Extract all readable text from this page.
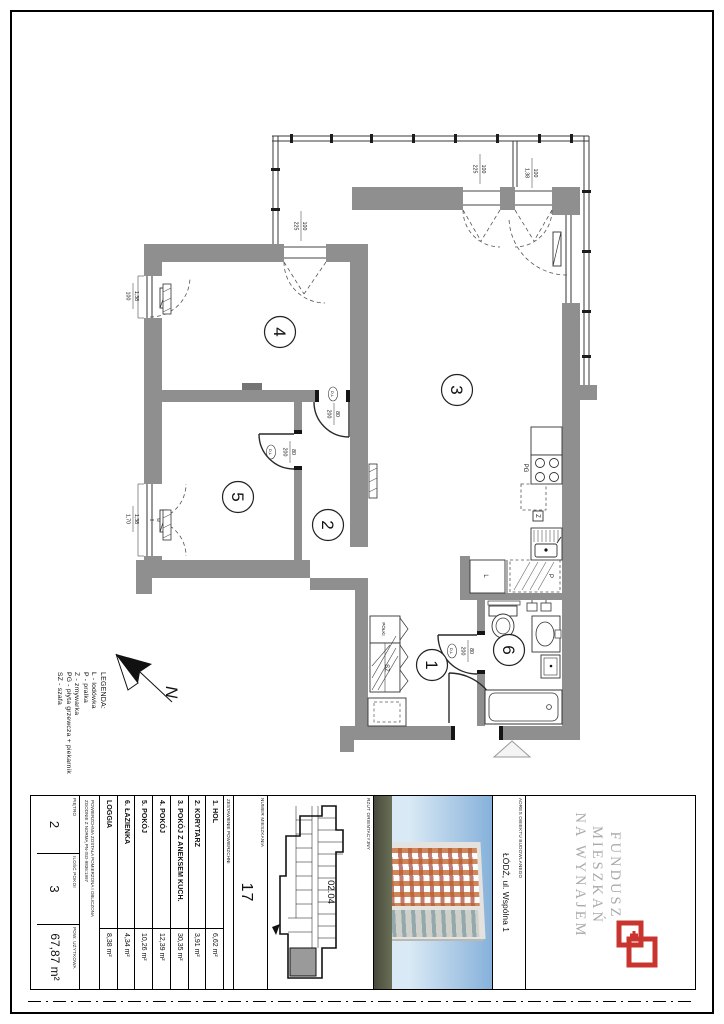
1
2
3
4
5
6
L	P
Z
PG
SZ
PÓŁKI
1,38
100
1,38
1,70
100
225
100
225	100
1,38
80
200
D,L
80
200
D,L
80
200
D,L
N
LEGENDA:
L - lodówka
P - pralka
Z - zmywarka
PG - płyta grzewcza + piekarnik
SZ - szafa
FUNDUSZ
MIESZKAŃ
NA WYNAJEM
ADRES OBIEKTU BUDOWLANEGO
ŁÓDŹ, ul. Wspólna 1
RZUT ORIENTACYJNY
02.04
NUMER MIESZKANIA
17
ZESTAWIENIE POWIERZCHNI
1. HOL
6,62 m²
2. KORYTARZ
3,91 m²
3. POKÓJ Z ANEKSEM KUCH.
30,35 m²
4. POKÓJ
12,39 m²
5. POKÓJ
10,26 m²
6. ŁAZIENKA
4,34 m²
LOGGIA
8,38 m²
POWIERZCHNIA ZOSTAŁA POMIERZONA I OBLICZONA
ZGODNIE Z NORMĄ PN-ISO-9836:1997
PIĘTRO
2
ILOŚĆ POKOI
3
POW. UŻYTKOWA
67,87 m²
